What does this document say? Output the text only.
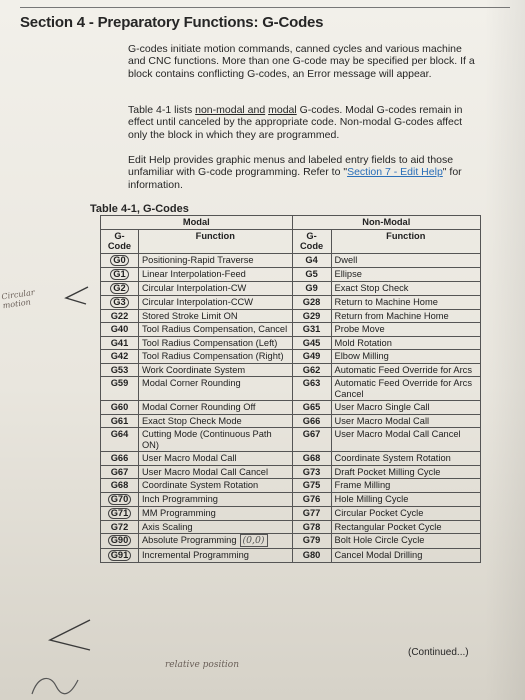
Section 4 - Preparatory Functions: G-Codes
G-codes initiate motion commands, canned cycles and various machine and CNC functions. More than one G-code may be specified per block. If a block contains conflicting G-codes, an Error message will appear.
Table 4-1 lists non-modal and modal G-codes. Modal G-codes remain in effect until canceled by the appropriate code. Non-modal G-codes affect only the block in which they are programmed.
Edit Help provides graphic menus and labeled entry fields to aid those unfamiliar with G-code programming. Refer to "Section 7 - Edit Help" for information.
Table 4-1, G-Codes
Modal		Non-Modal	
G-Code	Function	G-Code	Function
G0	Positioning-Rapid Traverse	G4	Dwell
G1	Linear Interpolation-Feed	G5	Ellipse
G2	Circular Interpolation-CW	G9	Exact Stop Check
G3	Circular Interpolation-CCW	G28	Return to Machine Home
G22	Stored Stroke Limit ON	G29	Return from Machine Home
G40	Tool Radius Compensation, Cancel	G31	Probe Move
G41	Tool Radius Compensation (Left)	G45	Mold Rotation
G42	Tool Radius Compensation (Right)	G49	Elbow Milling
G53	Work Coordinate System	G62	Automatic Feed Override for Arcs
G59	Modal Corner Rounding	G63	Automatic Feed Override for Arcs Cancel
G60	Modal Corner Rounding Off	G65	User Macro Single Call
G61	Exact Stop Check Mode	G66	User Macro Modal Call
G64	Cutting Mode (Continuous Path ON)	G67	User Macro Modal Call Cancel
G66	User Macro Modal Call	G68	Coordinate System Rotation
G67	User Macro Modal Call Cancel	G73	Draft Pocket Milling Cycle
G68	Coordinate System Rotation	G75	Frame Milling
G70	Inch Programming	G76	Hole Milling Cycle
G71	MM Programming	G77	Circular Pocket Cycle
G72	Axis Scaling	G78	Rectangular Pocket Cycle
G90	Absolute Programming (0,0)	G79	Bolt Hole Circle Cycle
G91	Incremental Programming	G80	Cancel Modal Drilling
(Continued...)
Circular motion
relative position
